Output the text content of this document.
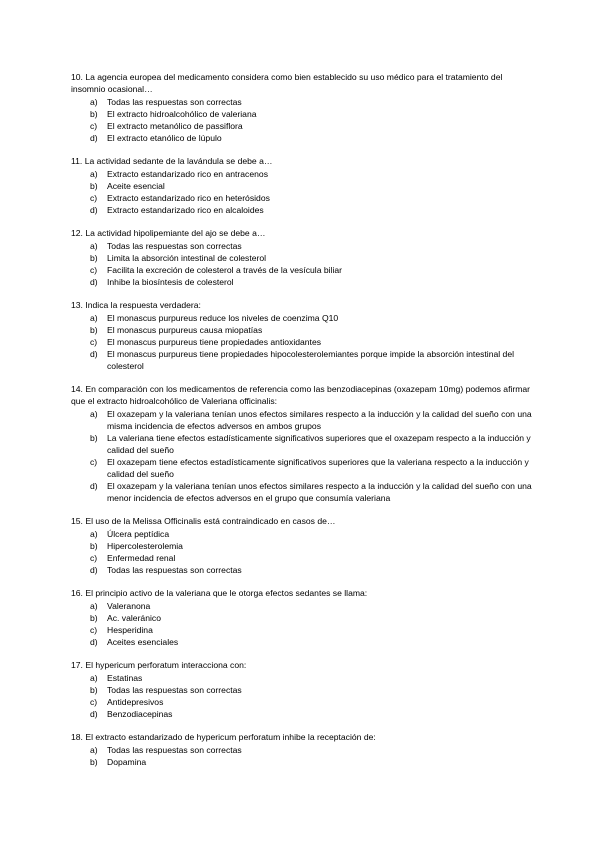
10. La agencia europea del medicamento considera como bien establecido su uso médico para el tratamiento del insomnio ocasional…
a)	Todas las respuestas son correctas
b)	El extracto hidroalcohólico de valeriana
c)	El extracto metanólico de passiflora
d)	El extracto etanólico de lúpulo
11. La actividad sedante de la lavándula se debe a…
a)	Extracto estandarizado rico en antracenos
b)	Aceite esencial
c)	Extracto estandarizado rico en heterósidos
d)	Extracto estandarizado rico en alcaloides
12. La actividad hipolipemiante del ajo se debe a…
a)	Todas las respuestas son correctas
b)	Limita la absorción intestinal de colesterol
c)	Facilita la excreción de colesterol a través de la vesícula biliar
d)	Inhibe la biosíntesis de colesterol
13. Indica la respuesta verdadera:
a)	El monascus purpureus reduce los niveles de coenzima Q10
b)	El monascus purpureus causa miopatías
c)	El monascus purpureus tiene propiedades antioxidantes
d)	El monascus purpureus tiene propiedades hipocolesterolemiantes porque impide la absorción intestinal del colesterol
14. En comparación con los medicamentos de referencia como las benzodiacepinas (oxazepam 10mg) podemos afirmar que el extracto hidroalcohólico de Valeriana officinalis:
a)	El oxazepam y la valeriana tenían unos efectos similares respecto a la inducción y la calidad del sueño con una misma incidencia de efectos adversos en ambos grupos
b)	La valeriana tiene efectos estadísticamente significativos superiores que el oxazepam respecto a la inducción y calidad del sueño
c)	El oxazepam tiene efectos estadísticamente significativos superiores que la valeriana respecto a la inducción y calidad del sueño
d)	El oxazepam y la valeriana tenían unos efectos similares respecto a la inducción y la calidad del sueño con una menor incidencia de efectos adversos en el grupo que consumía valeriana
15. El uso de la Melissa Officinalis está contraindicado en casos de…
a)	Úlcera peptídica
b)	Hipercolesterolemia
c)	Enfermedad renal
d)	Todas las respuestas son correctas
16. El principio activo de la valeriana que le otorga efectos sedantes se llama:
a)	Valeranona
b)	Ac. valeránico
c)	Hesperidina
d)	Aceites esenciales
17. El hypericum perforatum interacciona con:
a)	Estatinas
b)	Todas las respuestas son correctas
c)	Antidepresivos
d)	Benzodiacepinas
18. El extracto estandarizado de hypericum perforatum inhibe la receptación de:
a)	Todas las respuestas son correctas
b)	Dopamina
